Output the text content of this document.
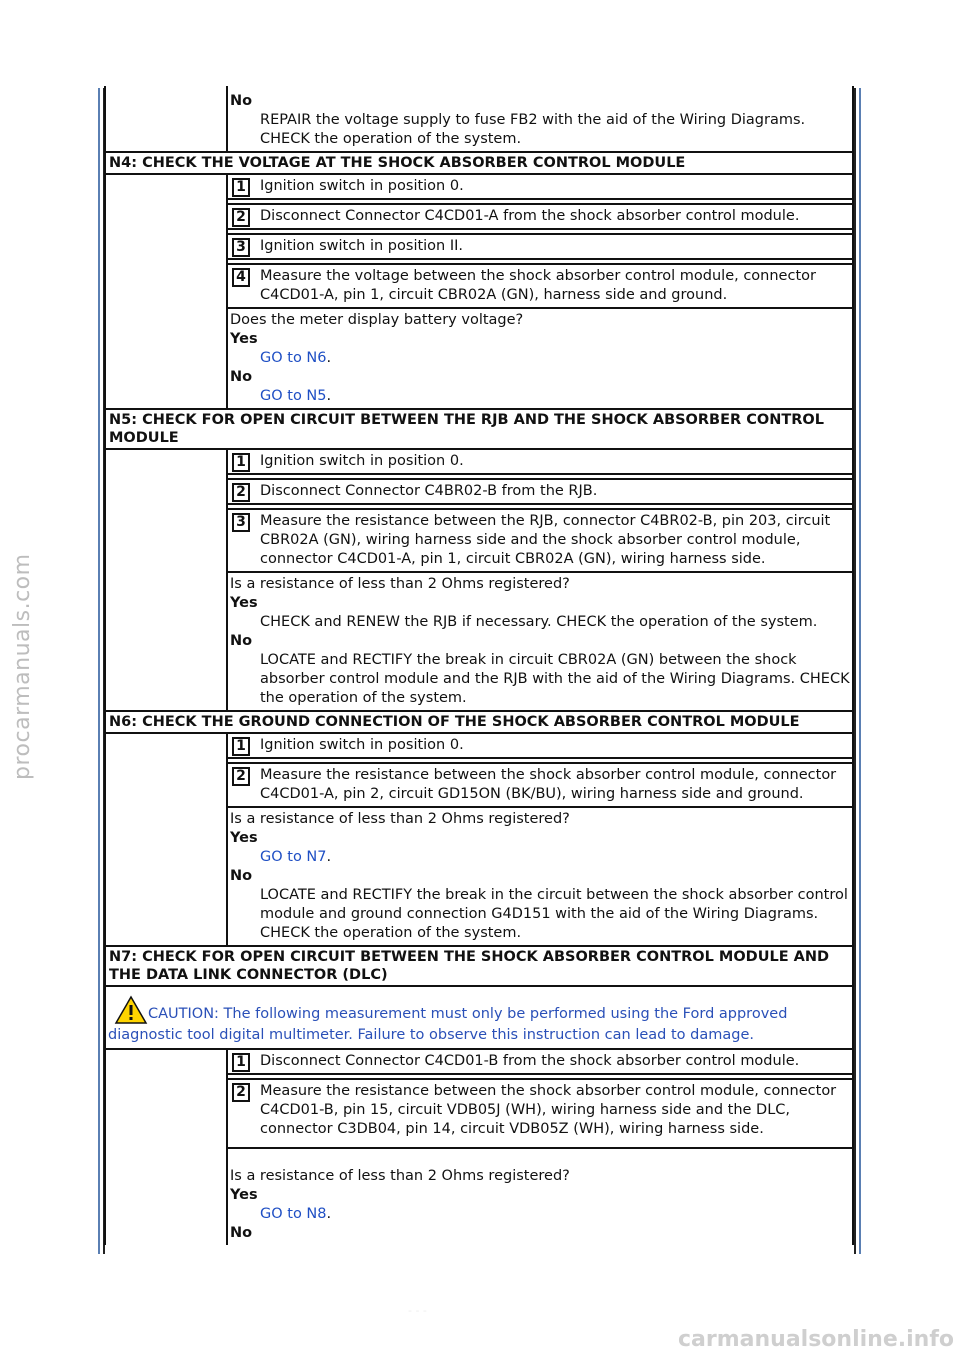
procarmanuals.com
carmanualsonline.info
- - -
No
REPAIR the voltage supply to fuse FB2 with the aid of the Wiring Diagrams.
CHECK the operation of the system.
N4: CHECK THE VOLTAGE AT THE SHOCK ABSORBER CONTROL MODULE
1 Ignition switch in position 0.
2 Disconnect Connector C4CD01-A from the shock absorber control module.
3 Ignition switch in position II.
4 Measure the voltage between the shock absorber control module, connector C4CD01-A, pin 1, circuit CBR02A (GN), harness side and ground.
Does the meter display battery voltage?
Yes
GO to N6.
No
GO to N5.
N5: CHECK FOR OPEN CIRCUIT BETWEEN THE RJB AND THE SHOCK ABSORBER CONTROL MODULE
1 Ignition switch in position 0.
2 Disconnect Connector C4BR02-B from the RJB.
3 Measure the resistance between the RJB, connector C4BR02-B, pin 203, circuit CBR02A (GN), wiring harness side and the shock absorber control module, connector C4CD01-A, pin 1, circuit CBR02A (GN), wiring harness side.
Is a resistance of less than 2 Ohms registered?
Yes
CHECK and RENEW the RJB if necessary. CHECK the operation of the system.
No
LOCATE and RECTIFY the break in circuit CBR02A (GN) between the shock absorber control module and the RJB with the aid of the Wiring Diagrams. CHECK the operation of the system.
N6: CHECK THE GROUND CONNECTION OF THE SHOCK ABSORBER CONTROL MODULE
1 Ignition switch in position 0.
2 Measure the resistance between the shock absorber control module, connector C4CD01-A, pin 2, circuit GD15ON (BK/BU), wiring harness side and ground.
Is a resistance of less than 2 Ohms registered?
Yes
GO to N7.
No
LOCATE and RECTIFY the break in the circuit between the shock absorber control module and ground connection G4D151 with the aid of the Wiring Diagrams. CHECK the operation of the system.
N7: CHECK FOR OPEN CIRCUIT BETWEEN THE SHOCK ABSORBER CONTROL MODULE AND THE DATA LINK CONNECTOR (DLC)
CAUTION: The following measurement must only be performed using the Ford approved diagnostic tool digital multimeter. Failure to observe this instruction can lead to damage.
1 Disconnect Connector C4CD01-B from the shock absorber control module.
2 Measure the resistance between the shock absorber control module, connector C4CD01-B, pin 15, circuit VDB05J (WH), wiring harness side and the DLC, connector C3DB04, pin 14, circuit VDB05Z (WH), wiring harness side.
Is a resistance of less than 2 Ohms registered?
Yes
GO to N8.
No
